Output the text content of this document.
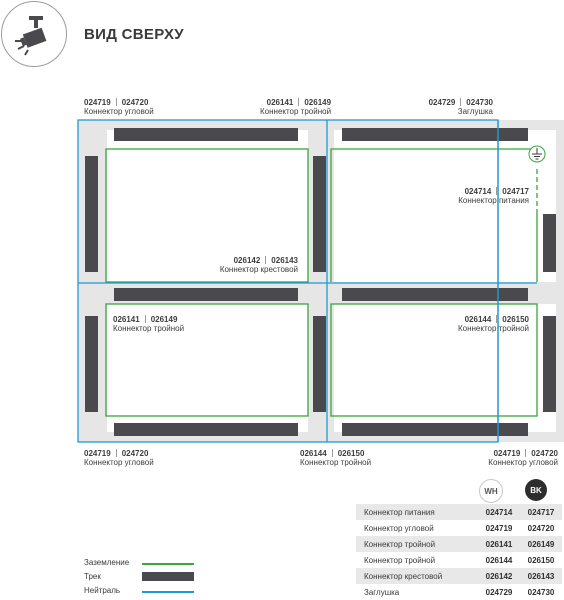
ВИД СВЕРХУ
024719 024720
Коннектор угловой
026141 026149
Коннектор тройной
024729 024730
Заглушка
024714 024717
Коннектор питания
026142 026143
Коннектор крестовой
026141 026149
Коннектор тройной
026144 026150
Коннектор тройной
024719 024720
Коннектор угловой
026144 026150
Коннектор тройной
024719 024720
Коннектор угловой
WH	BK
Коннектор питания	024714	024717
Коннектор угловой	024719	024720
Коннектор тройной	026141	026149
Коннектор тройной	026144	026150
Коннектор крестовой	026142	026143
Заглушка	024729	024730
Заземление
Трек
Нейтраль
